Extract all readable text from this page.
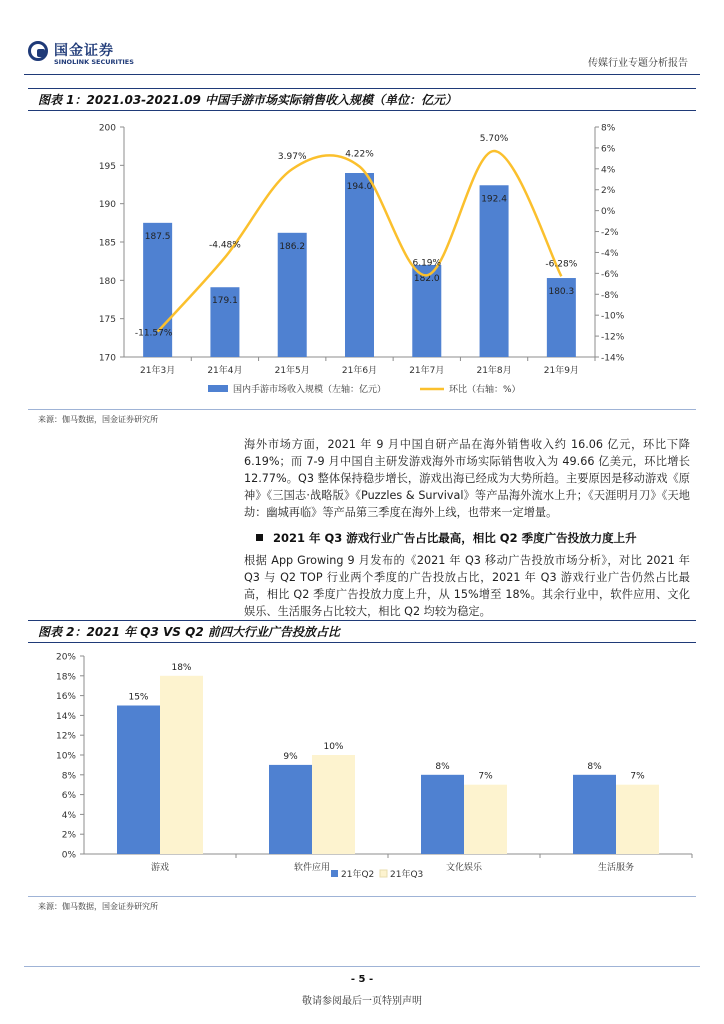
国金证券
SINOLINK SECURITIES	传媒行业专题分析报告
图表 1：2021.03-2021.09 中国手游市场实际销售收入规模（单位：亿元）
170
175
180
185
190
195
200
-14%
-12%
-10%
-8%
-6%
-4%
-2%
0%
2%
4%
6%
8%
187.5
21年3月
179.1
21年4月
186.2
21年5月
194.0
21年6月
182.0
21年7月
192.4
21年8月
180.3
21年9月
-11.57%
-4.48%
3.97%	4.22%
6.19%
5.70%
-6.28%
国内手游市场收入规模（左轴：亿元）	环比（右轴：%）
来源：伽马数据，国金证券研究所
海外市场方面，2021 年 9 月中国自研产品在海外销售收入约 16.06 亿元，环比下降 6.19%；而 7-9 月中国自主研发游戏海外市场实际销售收入为 49.66 亿美元，环比增长 12.77%。Q3 整体保持稳步增长，游戏出海已经成为大势所趋。主要原因是移动游戏《原神》《三国志·战略版》《Puzzles & Survival》等产品海外流水上升；《天涯明月刀》《天地劫：幽城再临》等产品第三季度在海外上线，也带来一定增量。
2021 年 Q3 游戏行业广告占比最高，相比 Q2 季度广告投放力度上升
根据 App Growing 9 月发布的《2021 年 Q3 移动广告投放市场分析》，对比 2021 年 Q3 与 Q2 TOP 行业两个季度的广告投放占比，2021 年 Q3 游戏行业广告仍然占比最高，相比 Q2 季度广告投放力度上升，从 15%增至 18%。其余行业中，软件应用、文化娱乐、生活服务占比较大，相比 Q2 均较为稳定。
图表 2：2021 年 Q3 VS Q2 前四大行业广告投放占比
0%
2%
4%
6%
8%
10%
12%
14%
16%
18%
20%
15%
18%
游戏
9%
10%
软件应用
8%
7%
文化娱乐
8%
7%
生活服务
21年Q2 21年Q3
来源：伽马数据，国金证券研究所
- 5 -
敬请参阅最后一页特别声明
